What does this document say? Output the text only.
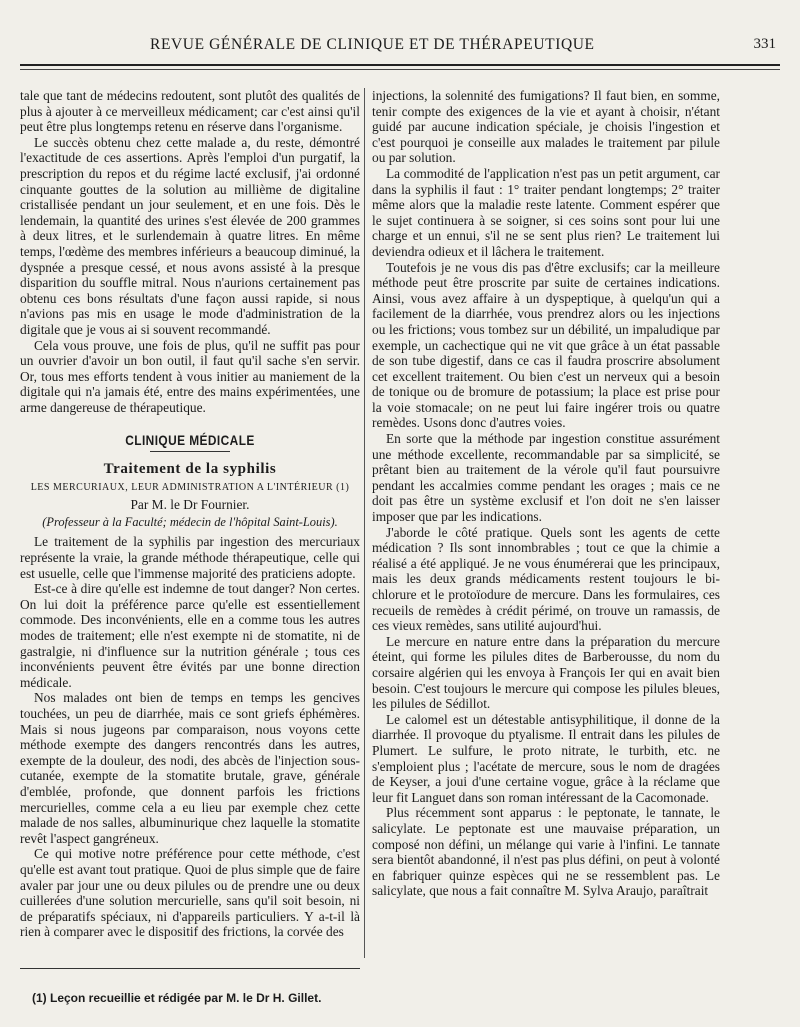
REVUE GÉNÉRALE DE CLINIQUE ET DE THÉRAPEUTIQUE	331

tale que tant de médecins redoutent, sont plutôt des qualités de plus à ajouter à ce merveilleux médicament; car c'est ainsi qu'il peut être plus longtemps retenu en réserve dans l'organisme.

Le succès obtenu chez cette malade a, du reste, démontré l'exactitude de ces assertions. Après l'emploi d'un purgatif, la prescription du repos et du régime lacté exclusif, j'ai ordonné cinquante gouttes de la solution au millième de digitaline cristallisée pendant un jour seulement, et en une fois. Dès le lendemain, la quantité des urines s'est élevée de 200 grammes à deux litres, et le surlendemain à quatre litres. En même temps, l'œdème des membres inférieurs a beaucoup diminué, la dyspnée a presque cessé, et nous avons assisté à la presque disparition du souffle mitral. Nous n'aurions certainement pas obtenu ces bons résultats d'une façon aussi rapide, si nous n'avions pas mis en usage le mode d'administration de la digitale que je vous ai si souvent recommandé.

Cela vous prouve, une fois de plus, qu'il ne suffit pas pour un ouvrier d'avoir un bon outil, il faut qu'il sache s'en servir. Or, tous mes efforts tendent à vous initier au maniement de la digitale qui n'a jamais été, entre des mains expérimentées, une arme dangereuse de thérapeutique.

CLINIQUE MÉDICALE
Traitement de la syphilis
LES MERCURIAUX, LEUR ADMINISTRATION A L'INTÉRIEUR (1)
Par M. le Dr Fournier.
(Professeur à la Faculté; médecin de l'hôpital Saint-Louis).

Le traitement de la syphilis par ingestion des mercuriaux représente la vraie, la grande méthode thérapeutique, celle qui est usuelle, celle que l'immense majorité des praticiens adopte.

Est-ce à dire qu'elle est indemne de tout danger? Non certes. On lui doit la préférence parce qu'elle est essentiellement commode. Des inconvénients, elle en a comme tous les autres modes de traitement; elle n'est exempte ni de stomatite, ni de gastralgie, ni d'influence sur la nutrition générale ; tous ces inconvénients peuvent être évités par une bonne direction médicale.

Nos malades ont bien de temps en temps les gencives touchées, un peu de diarrhée, mais ce sont griefs éphémères. Mais si nous jugeons par comparaison, nous voyons cette méthode exempte des dangers rencontrés dans les autres, exempte de la douleur, des nodi, des abcès de l'injection sous-cutanée, exempte de la stomatite brutale, grave, générale d'emblée, profonde, que donnent parfois les frictions mercurielles, comme cela a eu lieu par exemple chez cette malade de nos salles, albuminurique chez laquelle la stomatite revêt l'aspect gangréneux.

Ce qui motive notre préférence pour cette méthode, c'est qu'elle est avant tout pratique. Quoi de plus simple que de faire avaler par jour une ou deux pilules ou de prendre une ou deux cuillerées d'une solution mercurielle, sans qu'il soit besoin, ni de préparatifs spéciaux, ni d'appareils particuliers. Y a-t-il là rien à comparer avec le dispositif des frictions, la corvée des

injections, la solennité des fumigations? Il faut bien, en somme, tenir compte des exigences de la vie et ayant à choisir, n'étant guidé par aucune indication spéciale, je choisis l'ingestion et c'est pourquoi je conseille aux malades le traitement par pilule ou par solution.

La commodité de l'application n'est pas un petit argument, car dans la syphilis il faut : 1° traiter pendant longtemps; 2° traiter même alors que la maladie reste latente. Comment espérer que le sujet continuera à se soigner, si ces soins sont pour lui une charge et un ennui, s'il ne se sent plus rien? Le traitement lui deviendra odieux et il lâchera le traitement.

Toutefois je ne vous dis pas d'être exclusifs; car la meilleure méthode peut être proscrite par suite de certaines indications. Ainsi, vous avez affaire à un dyspeptique, à quelqu'un qui a facilement de la diarrhée, vous prendrez alors ou les injections ou les frictions; vous tombez sur un débilité, un impaludique par exemple, un cachectique qui ne vit que grâce à un état passable de son tube digestif, dans ce cas il faudra proscrire absolument cet excellent traitement. Ou bien c'est un nerveux qui a besoin de tonique ou de bromure de potassium; la place est prise pour la voie stomacale; on ne peut lui faire ingérer trois ou quatre remèdes. Usons donc d'autres voies.

En sorte que la méthode par ingestion constitue assurément une méthode excellente, recommandable par sa simplicité, se prêtant bien au traitement de la vérole qu'il faut poursuivre pendant les accalmies comme pendant les orages ; mais ce ne doit pas être un système exclusif et l'on doit ne s'en laisser imposer que par les indications.

J'aborde le côté pratique. Quels sont les agents de cette médication ? Ils sont innombrables ; tout ce que la chimie a réalisé a été appliqué. Je ne vous énumérerai que les principaux, mais les deux grands médicaments restent toujours le bi-chlorure et le protoïodure de mercure. Dans les formulaires, ces recueils de remèdes à crédit périmé, on trouve un ramassis, de ces vieux remèdes, sans utilité aujourd'hui.

Le mercure en nature entre dans la préparation du mercure éteint, qui forme les pilules dites de Barberousse, du nom du corsaire algérien qui les envoya à François Ier qui en avait bien besoin. C'est toujours le mercure qui compose les pilules bleues, les pilules de Sédillot.

Le calomel est un détestable antisyphilitique, il donne de la diarrhée. Il provoque du ptyalisme. Il entrait dans les pilules de Plumert. Le sulfure, le proto nitrate, le turbith, etc. ne s'emploient plus ; l'acétate de mercure, sous le nom de dragées de Keyser, a joui d'une certaine vogue, grâce à la réclame que leur fit Languet dans son roman intéressant de la Cacomonade.

Plus récemment sont apparus : le peptonate, le tannate, le salicylate. Le peptonate est une mauvaise préparation, un composé non défini, un mélange qui varie à l'infini. Le tannate sera bientôt abandonné, il n'est pas plus défini, on peut à volonté en fabriquer quinze espèces qui ne se ressemblent pas. Le salicylate, que nous a fait connaître M. Sylva Araujo, paraîtrait

(1) Leçon recueillie et rédigée par M. le Dr H. Gillet.
